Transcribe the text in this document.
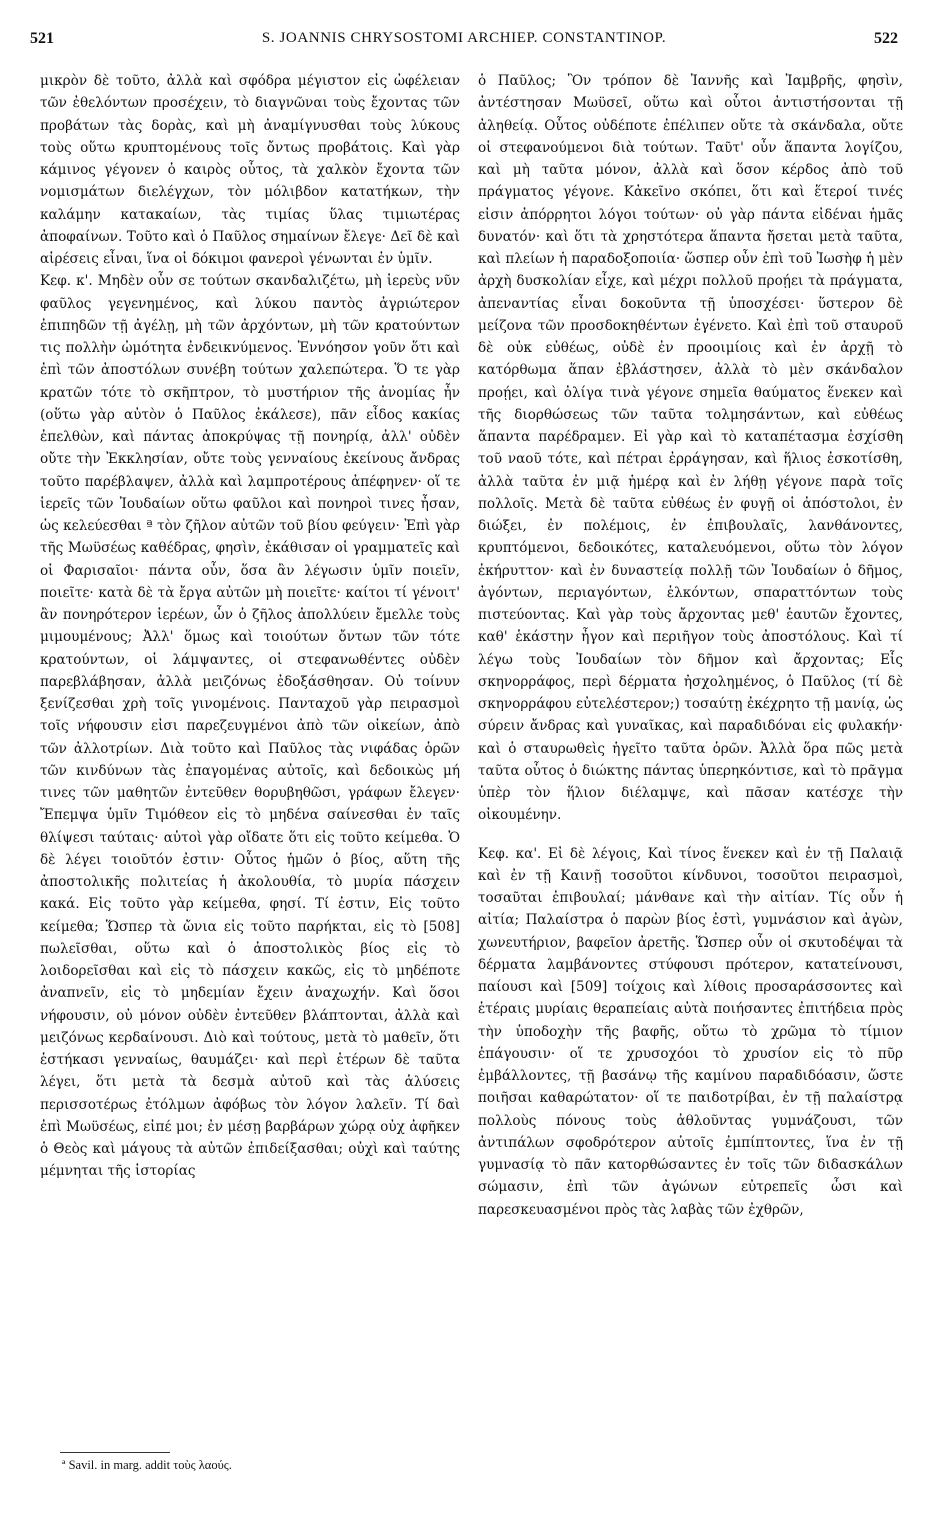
521	S. JOANNIS CHRYSOSTOMI ARCHIEP. CONSTANTINOP.	522

μικρὸν δὲ τοῦτο, ἀλλὰ καὶ σφόδρα μέγιστον εἰς ὠφέλειαν τῶν ἐθελόντων προσέχειν, τὸ διαγνῶναι τοὺς ἔχοντας τῶν προβάτων τὰς δορὰς, καὶ μὴ ἀναμίγνυσθαι τοὺς λύκους τοὺς οὕτω κρυπτομένους τοῖς ὄντως προβάτοις. Καὶ γὰρ κάμινος γέγονεν ὁ καιρὸς οὗτος, τὰ χαλκὸν ἔχοντα τῶν νομισμάτων διελέγχων, τὸν μόλιβδον κατατήκων, τὴν καλάμην κατακαίων, τὰς τιμίας ὕλας τιμιωτέρας ἀποφαίνων. Τοῦτο καὶ ὁ Παῦλος σημαίνων ἔλεγε· Δεῖ δὲ καὶ αἱρέσεις εἶναι, ἵνα οἱ δόκιμοι φανεροὶ γένωνται ἐν ὑμῖν.

Κεφ. κ'. Μηδὲν οὖν σε τούτων σκανδαλιζέτω, μὴ ἱερεὺς νῦν φαῦλος γεγενημένος, καὶ λύκου παντὸς ἀγριώτερον ἐπιπηδῶν τῇ ἀγέλῃ, μὴ τῶν ἀρχόντων, μὴ τῶν κρατούντων τις πολλὴν ὠμότητα ἐνδεικνύμενος. Ἐννόησον γοῦν ὅτι καὶ ἐπὶ τῶν ἀποστόλων συνέβη τούτων χαλεπώτερα. Ὅ τε γὰρ κρατῶν τότε τὸ σκῆπτρον, τὸ μυστήριον τῆς ἀνομίας ἦν (οὕτω γὰρ αὐτὸν ὁ Παῦλος ἐκάλεσε), πᾶν εἶδος κακίας ἐπελθὼν, καὶ πάντας ἀποκρύψας τῇ πονηρίᾳ, ἀλλ' οὐδὲν οὔτε τὴν Ἐκκλησίαν, οὔτε τοὺς γενναίους ἐκείνους ἄνδρας τοῦτο παρέβλαψεν, ἀλλὰ καὶ λαμπροτέρους ἀπέφηνεν· οἵ τε ἱερεῖς τῶν Ἰουδαίων οὕτω φαῦλοι καὶ πονηροὶ τινες ἦσαν, ὡς κελεύεσθαι ª τὸν ζῆλον αὐτῶν τοῦ βίου φεύγειν· Ἐπὶ γὰρ τῆς Μωϋσέως καθέδρας, φησὶν, ἐκάθισαν οἱ γραμματεῖς καὶ οἱ Φαρισαῖοι· πάντα οὖν, ὅσα ἂν λέγωσιν ὑμῖν ποιεῖν, ποιεῖτε· κατὰ δὲ τὰ ἔργα αὐτῶν μὴ ποιεῖτε· καίτοι τί γένοιτ' ἂν πονηρότερον ἱερέων, ὧν ὁ ζῆλος ἀπολλύειν ἔμελλε τοὺς μιμουμένους; Ἀλλ' ὅμως καὶ τοιούτων ὄντων τῶν τότε κρατούντων, οἱ λάμψαντες, οἱ στεφανωθέντες οὐδὲν παρεβλάβησαν, ἀλλὰ μειζόνως ἐδοξάσθησαν. Οὐ τοίνυν ξενίζεσθαι χρὴ τοῖς γινομένοις. Πανταχοῦ γὰρ πειρασμοὶ τοῖς νήφουσιν εἰσι παρεζευγμένοι ἀπὸ τῶν οἰκείων, ἀπὸ τῶν ἀλλοτρίων. Διὰ τοῦτο καὶ Παῦλος τὰς νιφάδας ὁρῶν τῶν κινδύνων τὰς ἐπαγομένας αὐτοῖς, καὶ δεδοικὼς μή τινες τῶν μαθητῶν ἐντεῦθεν θορυβηθῶσι, γράφων ἔλεγεν· Ἔπεμψα ὑμῖν Τιμόθεον εἰς τὸ μηδένα σαίνεσθαι ἐν ταῖς θλίψεσι ταύταις· αὐτοὶ γὰρ οἴδατε ὅτι εἰς τοῦτο κείμεθα. Ὁ δὲ λέγει τοιοῦτόν ἐστιν· Οὗτος ἡμῶν ὁ βίος, αὕτη τῆς ἀποστολικῆς πολιτείας ἡ ἀκολουθία, τὸ μυρία πάσχειν κακά. Εἰς τοῦτο γὰρ κείμεθα, φησί. Τί ἐστιν, Εἰς τοῦτο κείμεθα; Ὥσπερ τὰ ὤνια εἰς τοῦτο παρήκται, εἰς τὸ [508] πωλεῖσθαι, οὕτω καὶ ὁ ἀποστολικὸς βίος εἰς τὸ λοιδορεῖσθαι καὶ εἰς τὸ πάσχειν κακῶς, εἰς τὸ μηδέποτε ἀναπνεῖν, εἰς τὸ μηδεμίαν ἔχειν ἀναχωχήν. Καὶ ὅσοι νήφουσιν, οὐ μόνον οὐδὲν ἐντεῦθεν βλάπτονται, ἀλλὰ καὶ μειζόνως κερδαίνουσι. Διὸ καὶ τούτους, μετὰ τὸ μαθεῖν, ὅτι ἑστήκασι γενναίως, θαυμάζει· καὶ περὶ ἑτέρων δὲ ταῦτα λέγει, ὅτι μετὰ τὰ δεσμὰ αὐτοῦ καὶ τὰς ἁλύσεις περισσοτέρως ἐτόλμων ἀφόβως τὸν λόγον λαλεῖν. Τί δαὶ ἐπὶ Μωϋσέως, εἰπέ μοι; ἐν μέσῃ βαρβάρων χώρᾳ οὐχ ἀφῆκεν ὁ Θεὸς καὶ μάγους τὰ αὐτῶν ἐπιδείξασθαι; οὐχὶ καὶ ταύτης μέμνηται τῆς ἱστορίας

ὁ Παῦλος; Ὃν τρόπον δὲ Ἰαννῆς καὶ Ἰαμβρῆς, φησὶν, ἀντέστησαν Μωϋσεῖ, οὕτω καὶ οὗτοι ἀντιστήσονται τῇ ἀληθείᾳ. Οὗτος οὐδέποτε ἐπέλιπεν οὔτε τὰ σκάνδαλα, οὔτε οἱ στεφανούμενοι διὰ τούτων. Ταῦτ' οὖν ἅπαντα λογίζου, καὶ μὴ ταῦτα μόνον, ἀλλὰ καὶ ὅσον κέρδος ἀπὸ τοῦ πράγματος γέγονε. Κἀκεῖνο σκόπει, ὅτι καὶ ἕτεροί τινές εἰσιν ἀπόρρητοι λόγοι τούτων· οὐ γὰρ πάντα εἰδέναι ἡμᾶς δυνατόν· καὶ ὅτι τὰ χρηστότερα ἅπαντα ἤσεται μετὰ ταῦτα, καὶ πλείων ἡ παραδοξοποιία· ὥσπερ οὖν ἐπὶ τοῦ Ἰωσὴφ ἡ μὲν ἀρχὴ δυσκολίαν εἶχε, καὶ μέχρι πολλοῦ προῄει τὰ πράγματα, ἀπεναντίας εἶναι δοκοῦντα τῇ ὑποσχέσει· ὕστερον δὲ μείζονα τῶν προσδοκηθέντων ἐγένετο. Καὶ ἐπὶ τοῦ σταυροῦ δὲ οὐκ εὐθέως, οὐδὲ ἐν προοιμίοις καὶ ἐν ἀρχῇ τὸ κατόρθωμα ἅπαν ἐβλάστησεν, ἀλλὰ τὸ μὲν σκάνδαλον προῄει, καὶ ὀλίγα τινὰ γέγονε σημεῖα θαύματος ἕνεκεν καὶ τῆς διορθώσεως τῶν ταῦτα τολμησάντων, καὶ εὐθέως ἅπαντα παρέδραμεν. Εἰ γὰρ καὶ τὸ καταπέτασμα ἐσχίσθη τοῦ ναοῦ τότε, καὶ πέτραι ἐρράγησαν, καὶ ἥλιος ἐσκοτίσθη, ἀλλὰ ταῦτα ἐν μιᾷ ἡμέρᾳ καὶ ἐν λήθῃ γέγονε παρὰ τοῖς πολλοῖς. Μετὰ δὲ ταῦτα εὐθέως ἐν φυγῇ οἱ ἀπόστολοι, ἐν διώξει, ἐν πολέμοις, ἐν ἐπιβουλαῖς, λανθάνοντες, κρυπτόμενοι, δεδοικότες, καταλευόμενοι, οὕτω τὸν λόγον ἐκήρυττον· καὶ ἐν δυναστείᾳ πολλῇ τῶν Ἰουδαίων ὁ δῆμος, ἀγόντων, περιαγόντων, ἑλκόντων, σπαραττόντων τοὺς πιστεύοντας. Καὶ γὰρ τοὺς ἄρχοντας μεθ' ἑαυτῶν ἔχοντες, καθ' ἑκάστην ἦγον καὶ περιῆγον τοὺς ἀποστόλους. Καὶ τί λέγω τοὺς Ἰουδαίων τὸν δῆμον καὶ ἄρχοντας; Εἷς σκηνορράφος, περὶ δέρματα ἠσχολημένος, ὁ Παῦλος (τί δὲ σκηνορράφου εὐτελέστερον;) τοσαύτῃ ἐκέχρητο τῇ μανίᾳ, ὡς σύρειν ἄνδρας καὶ γυναῖκας, καὶ παραδιδόναι εἰς φυλακήν· καὶ ὁ σταυρωθεὶς ἡγεῖτο ταῦτα ὁρῶν. Ἀλλὰ ὅρα πῶς μετὰ ταῦτα οὗτος ὁ διώκτης πάντας ὑπερηκόντισε, καὶ τὸ πρᾶγμα ὑπὲρ τὸν ἥλιον διέλαμψε, καὶ πᾶσαν κατέσχε τὴν οἰκουμένην.

Κεφ. κα'. Εἰ δὲ λέγοις, Καὶ τίνος ἕνεκεν καὶ ἐν τῇ Παλαιᾷ καὶ ἐν τῇ Καινῇ τοσοῦτοι κίνδυνοι, τοσοῦτοι πειρασμοὶ, τοσαῦται ἐπιβουλαί; μάνθανε καὶ τὴν αἰτίαν. Τίς οὖν ἡ αἰτία; Παλαίστρα ὁ παρὼν βίος ἐστὶ, γυμνάσιον καὶ ἀγὼν, χωνευτήριον, βαφεῖον ἀρετῆς. Ὥσπερ οὖν οἱ σκυτοδέψαι τὰ δέρματα λαμβάνοντες στύφουσι πρότερον, κατατείνουσι, παίουσι καὶ [509] τοίχοις καὶ λίθοις προσαράσσοντες καὶ ἑτέραις μυρίαις θεραπείαις αὐτὰ ποιήσαντες ἐπιτήδεια πρὸς τὴν ὑποδοχὴν τῆς βαφῆς, οὕτω τὸ χρῶμα τὸ τίμιον ἐπάγουσιν· οἵ τε χρυσοχόοι τὸ χρυσίον εἰς τὸ πῦρ ἐμβάλλοντες, τῇ βασάνῳ τῆς καμίνου παραδιδόασιν, ὥστε ποιῆσαι καθαρώτατον· οἵ τε παιδοτρίβαι, ἐν τῇ παλαίστρᾳ πολλοὺς πόνους τοὺς ἀθλοῦντας γυμνάζουσι, τῶν ἀντιπάλων σφοδρότερον αὐτοῖς ἐμπίπτοντες, ἵνα ἐν τῇ γυμνασίᾳ τὸ πᾶν κατορθώσαντες ἐν τοῖς τῶν διδασκάλων σώμασιν, ἐπὶ τῶν ἀγώνων εὐτρεπεῖς ὦσι καὶ παρεσκευασμένοι πρὸς τὰς λαβὰς τῶν ἐχθρῶν,

ª Savil. in marg. addit τοὺς λαούς.
